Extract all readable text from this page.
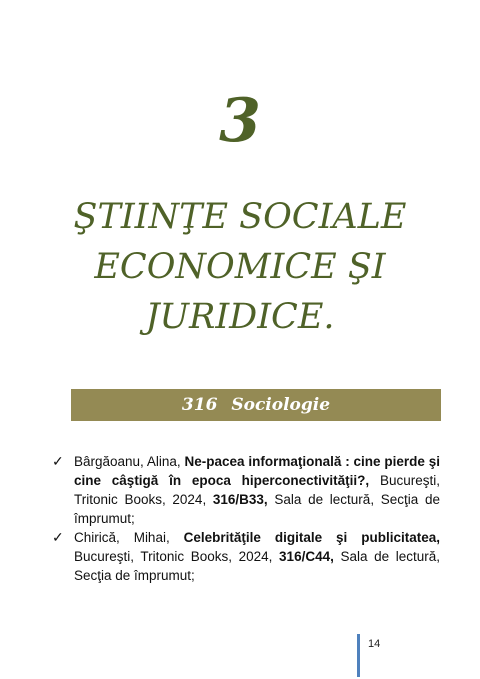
3
ŞTIINŢE SOCIALE
ECONOMICE ŞI
JURIDICE.
316 Sociologie
✓ Bârgăoanu, Alina, Ne-pacea informaţională : cine pierde şi cine câştigă în epoca hiperconectivităţii?, Bucureşti, Tritonic Books, 2024, 316/B33, Sala de lectură, Secţia de împrumut;
✓ Chirică, Mihai, Celebrităţile digitale şi publicitatea, Bucureşti, Tritonic Books, 2024, 316/C44, Sala de lectură, Secţia de împrumut;
14
